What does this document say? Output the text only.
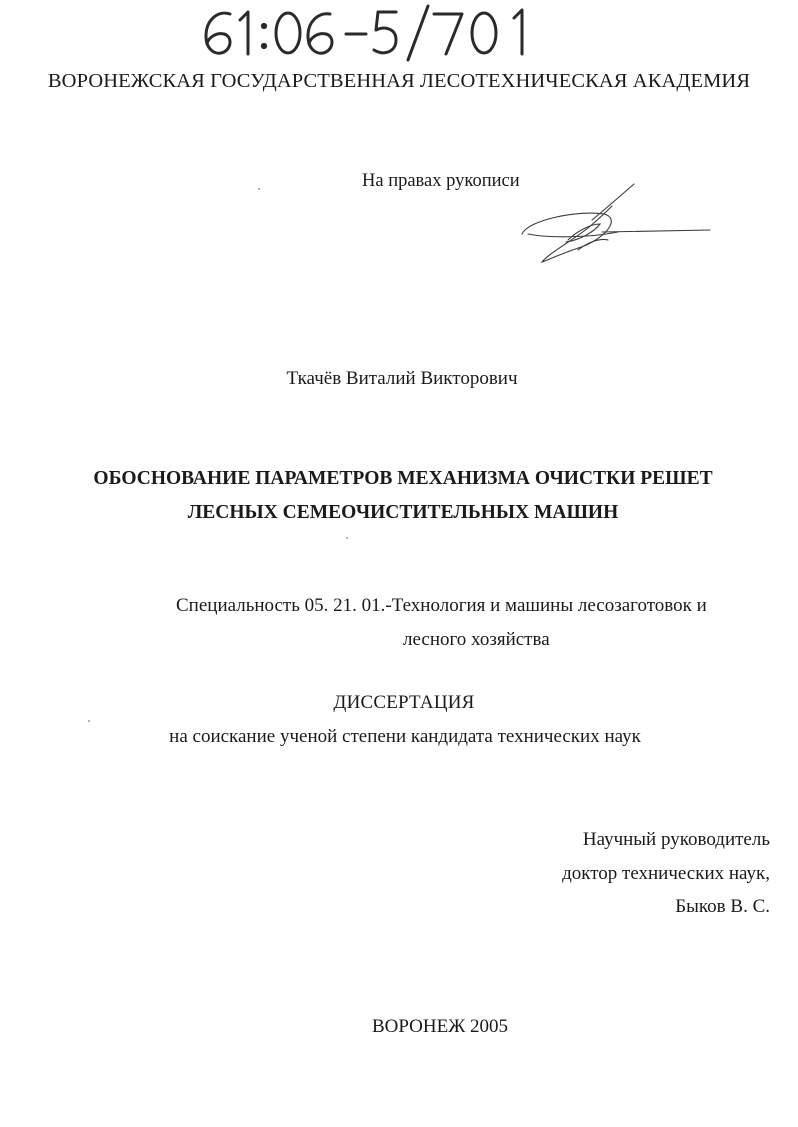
ВОРОНЕЖСКАЯ ГОСУДАРСТВЕННАЯ ЛЕСОТЕХНИЧЕСКАЯ АКАДЕМИЯ
На правах рукописи
Ткачёв Виталий Викторович
ОБОСНОВАНИЕ ПАРАМЕТРОВ МЕХАНИЗМА ОЧИСТКИ РЕШЕТ
ЛЕСНЫХ СЕМЕОЧИСТИТЕЛЬНЫХ МАШИН
Специальность 05. 21. 01.-Технология и машины лесозаготовок и
лесного хозяйства
ДИССЕРТАЦИЯ
на соискание ученой степени кандидата технических наук
Научный руководитель
доктор технических наук,
Быков В. С.
ВОРОНЕЖ 2005
